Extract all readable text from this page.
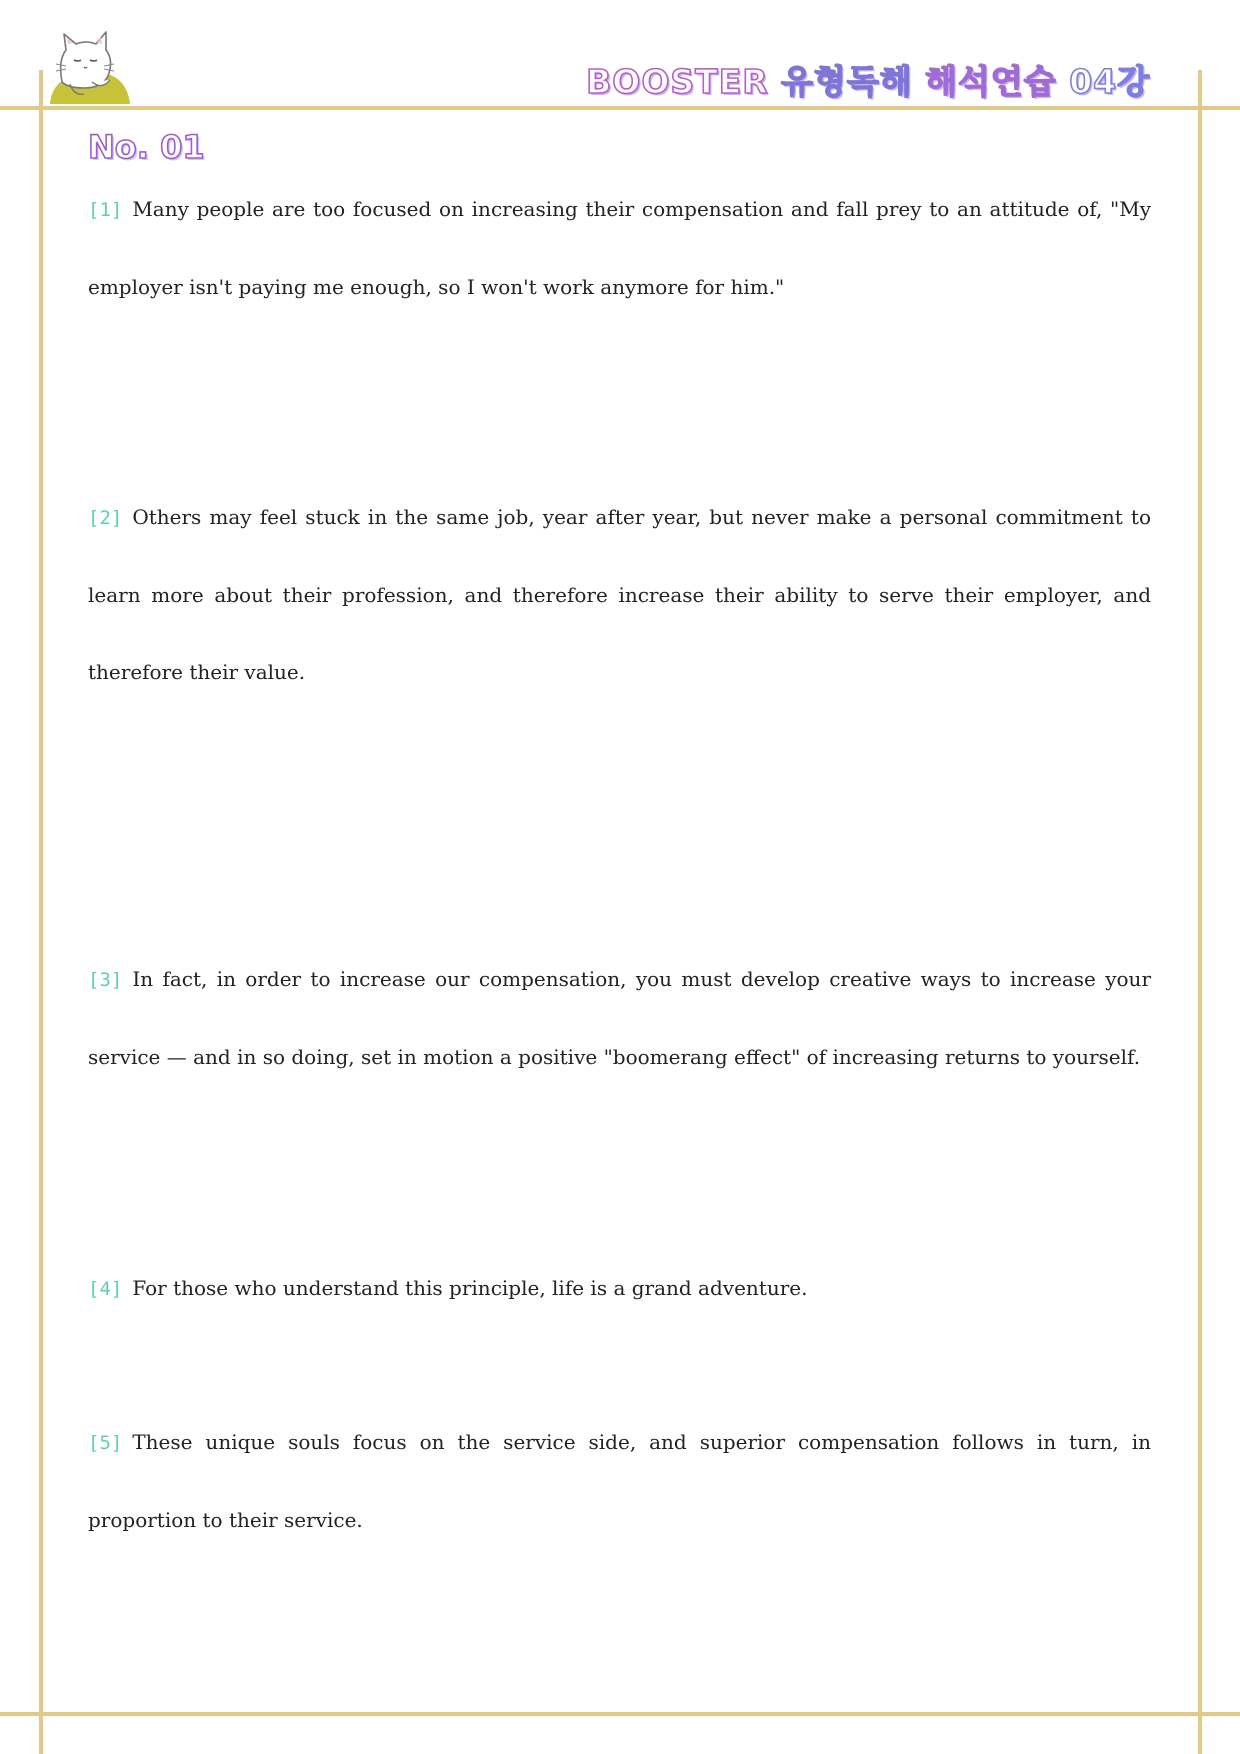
BOOSTER 유형독해 해석연습 04강
No. 01

[1] Many people are too focused on increasing their compensation and fall prey to an attitude of, "My employer isn't paying me enough, so I won't work anymore for him."

[2] Others may feel stuck in the same job, year after year, but never make a personal commitment to learn more about their profession, and therefore increase their ability to serve their employer, and therefore their value.

[3] In fact, in order to increase our compensation, you must develop creative ways to increase your service — and in so doing, set in motion a positive "boomerang effect" of increasing returns to yourself.

[4] For those who understand this principle, life is a grand adventure.

[5] These unique souls focus on the service side, and superior compensation follows in turn, in proportion to their service.
